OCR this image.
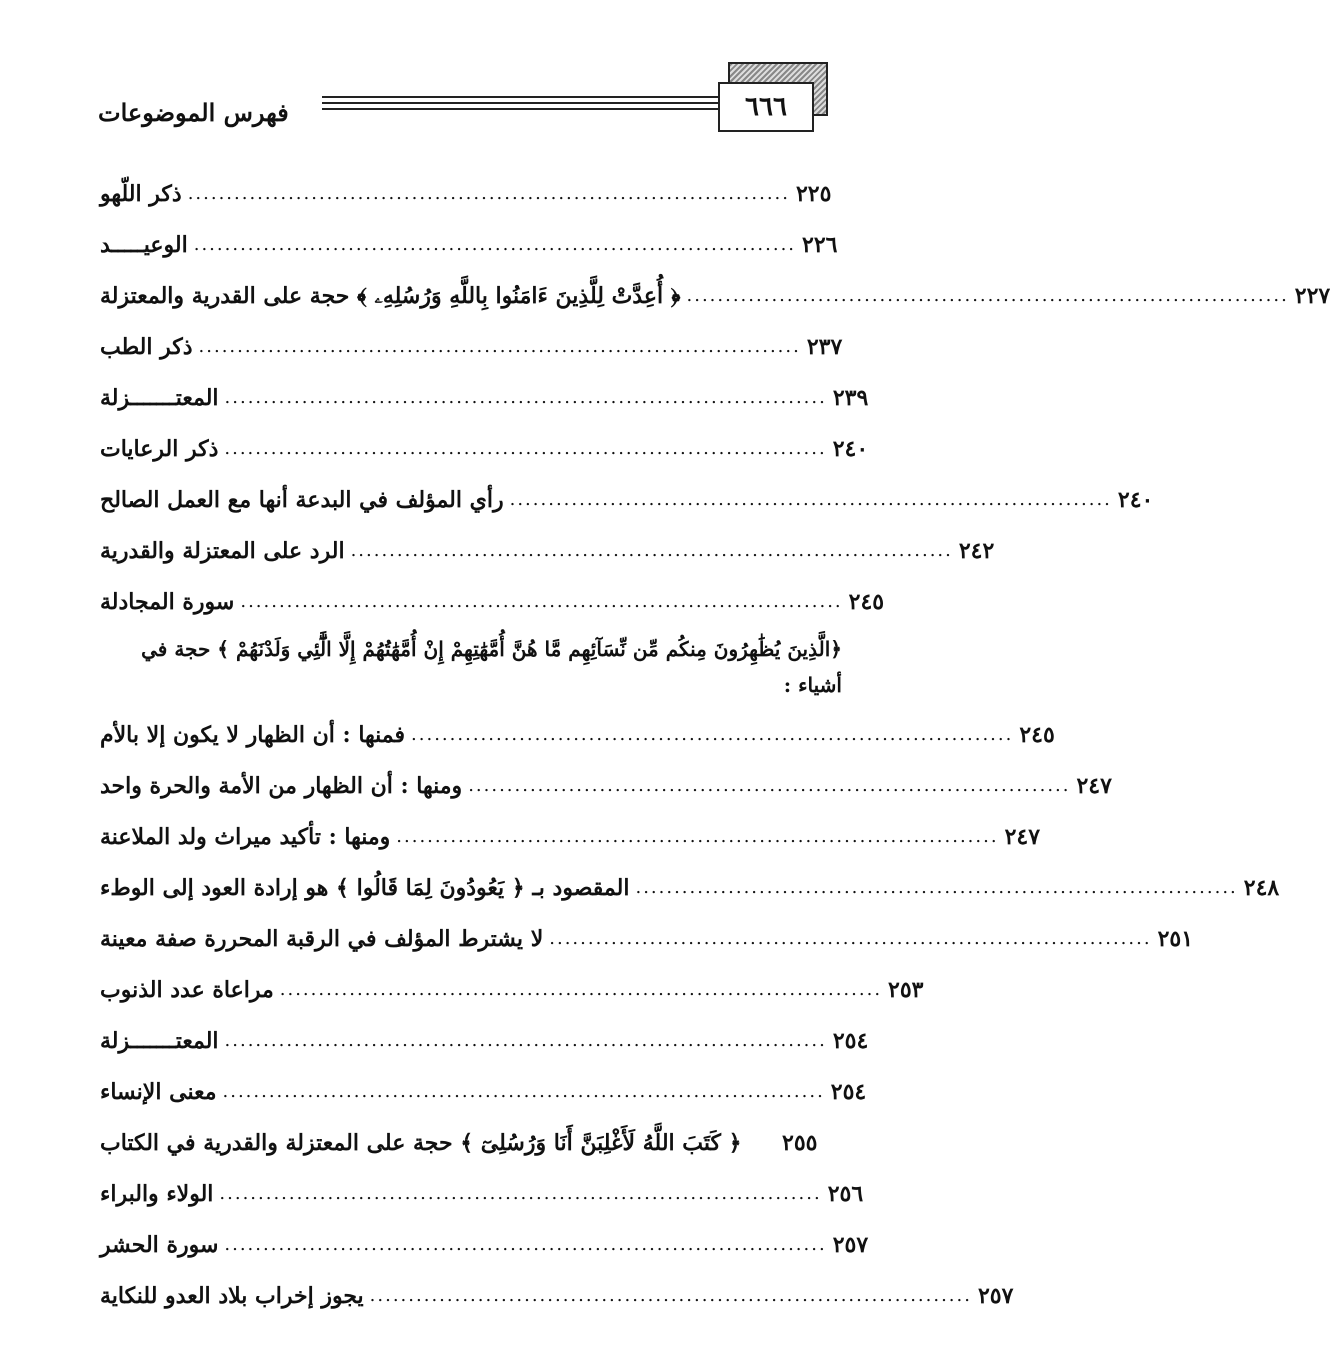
٦٦٦
فهرس الموضوعات
ذكر اللّهو .............................................................................. ٢٢٥
الوعيـــــد .............................................................................. ٢٢٦
﴿ أُعِدَّتْ لِلَّذِينَ ءَامَنُوا بِاللَّهِ وَرُسُلِهِۦ ﴾ حجة على القدرية والمعتزلة .............................................................................. ٢٢٧
ذكر الطب .............................................................................. ٢٣٧
المعتـــــــزلة .............................................................................. ٢٣٩
ذكر الرعايات .............................................................................. ٢٤٠
رأي المؤلف في البدعة أنها مع العمل الصالح .............................................................................. ٢٤٠
الرد على المعتزلة والقدرية .............................................................................. ٢٤٢
سورة المجادلة .............................................................................. ٢٤٥
﴿الَّذِينَ يُظَٰهِرُونَ مِنكُم مِّن نِّسَآئِهِم مَّا هُنَّ أُمَّهَٰتِهِمْ إِنْ أُمَّهَٰتُهُمْ إِلَّا الَّٰٓئِي وَلَدْنَهُمْ ﴾ حجة في أشياء :
فمنها : أن الظهار لا يكون إلا بالأم .............................................................................. ٢٤٥
ومنها : أن الظهار من الأمة والحرة واحد .............................................................................. ٢٤٧
ومنها : تأكيد ميراث ولد الملاعنة .............................................................................. ٢٤٧
المقصود بـ ﴿ يَعُودُونَ لِمَا قَالُوا ﴾ هو إرادة العود إلى الوطء .............................................................................. ٢٤٨
لا يشترط المؤلف في الرقبة المحررة صفة معينة .............................................................................. ٢٥١
مراعاة عدد الذنوب .............................................................................. ٢٥٣
المعتـــــــزلة .............................................................................. ٢٥٤
معنى الإنساء .............................................................................. ٢٥٤
﴿ كَتَبَ اللَّهُ لَأَغْلِبَنَّ أَنَا وَرُسُلِىٓ ﴾ حجة على المعتزلة والقدرية في الكتاب ٢٥٥
الولاء والبراء .............................................................................. ٢٥٦
سورة الحشر .............................................................................. ٢٥٧
يجوز إخراب بلاد العدو للنكاية .............................................................................. ٢٥٧
